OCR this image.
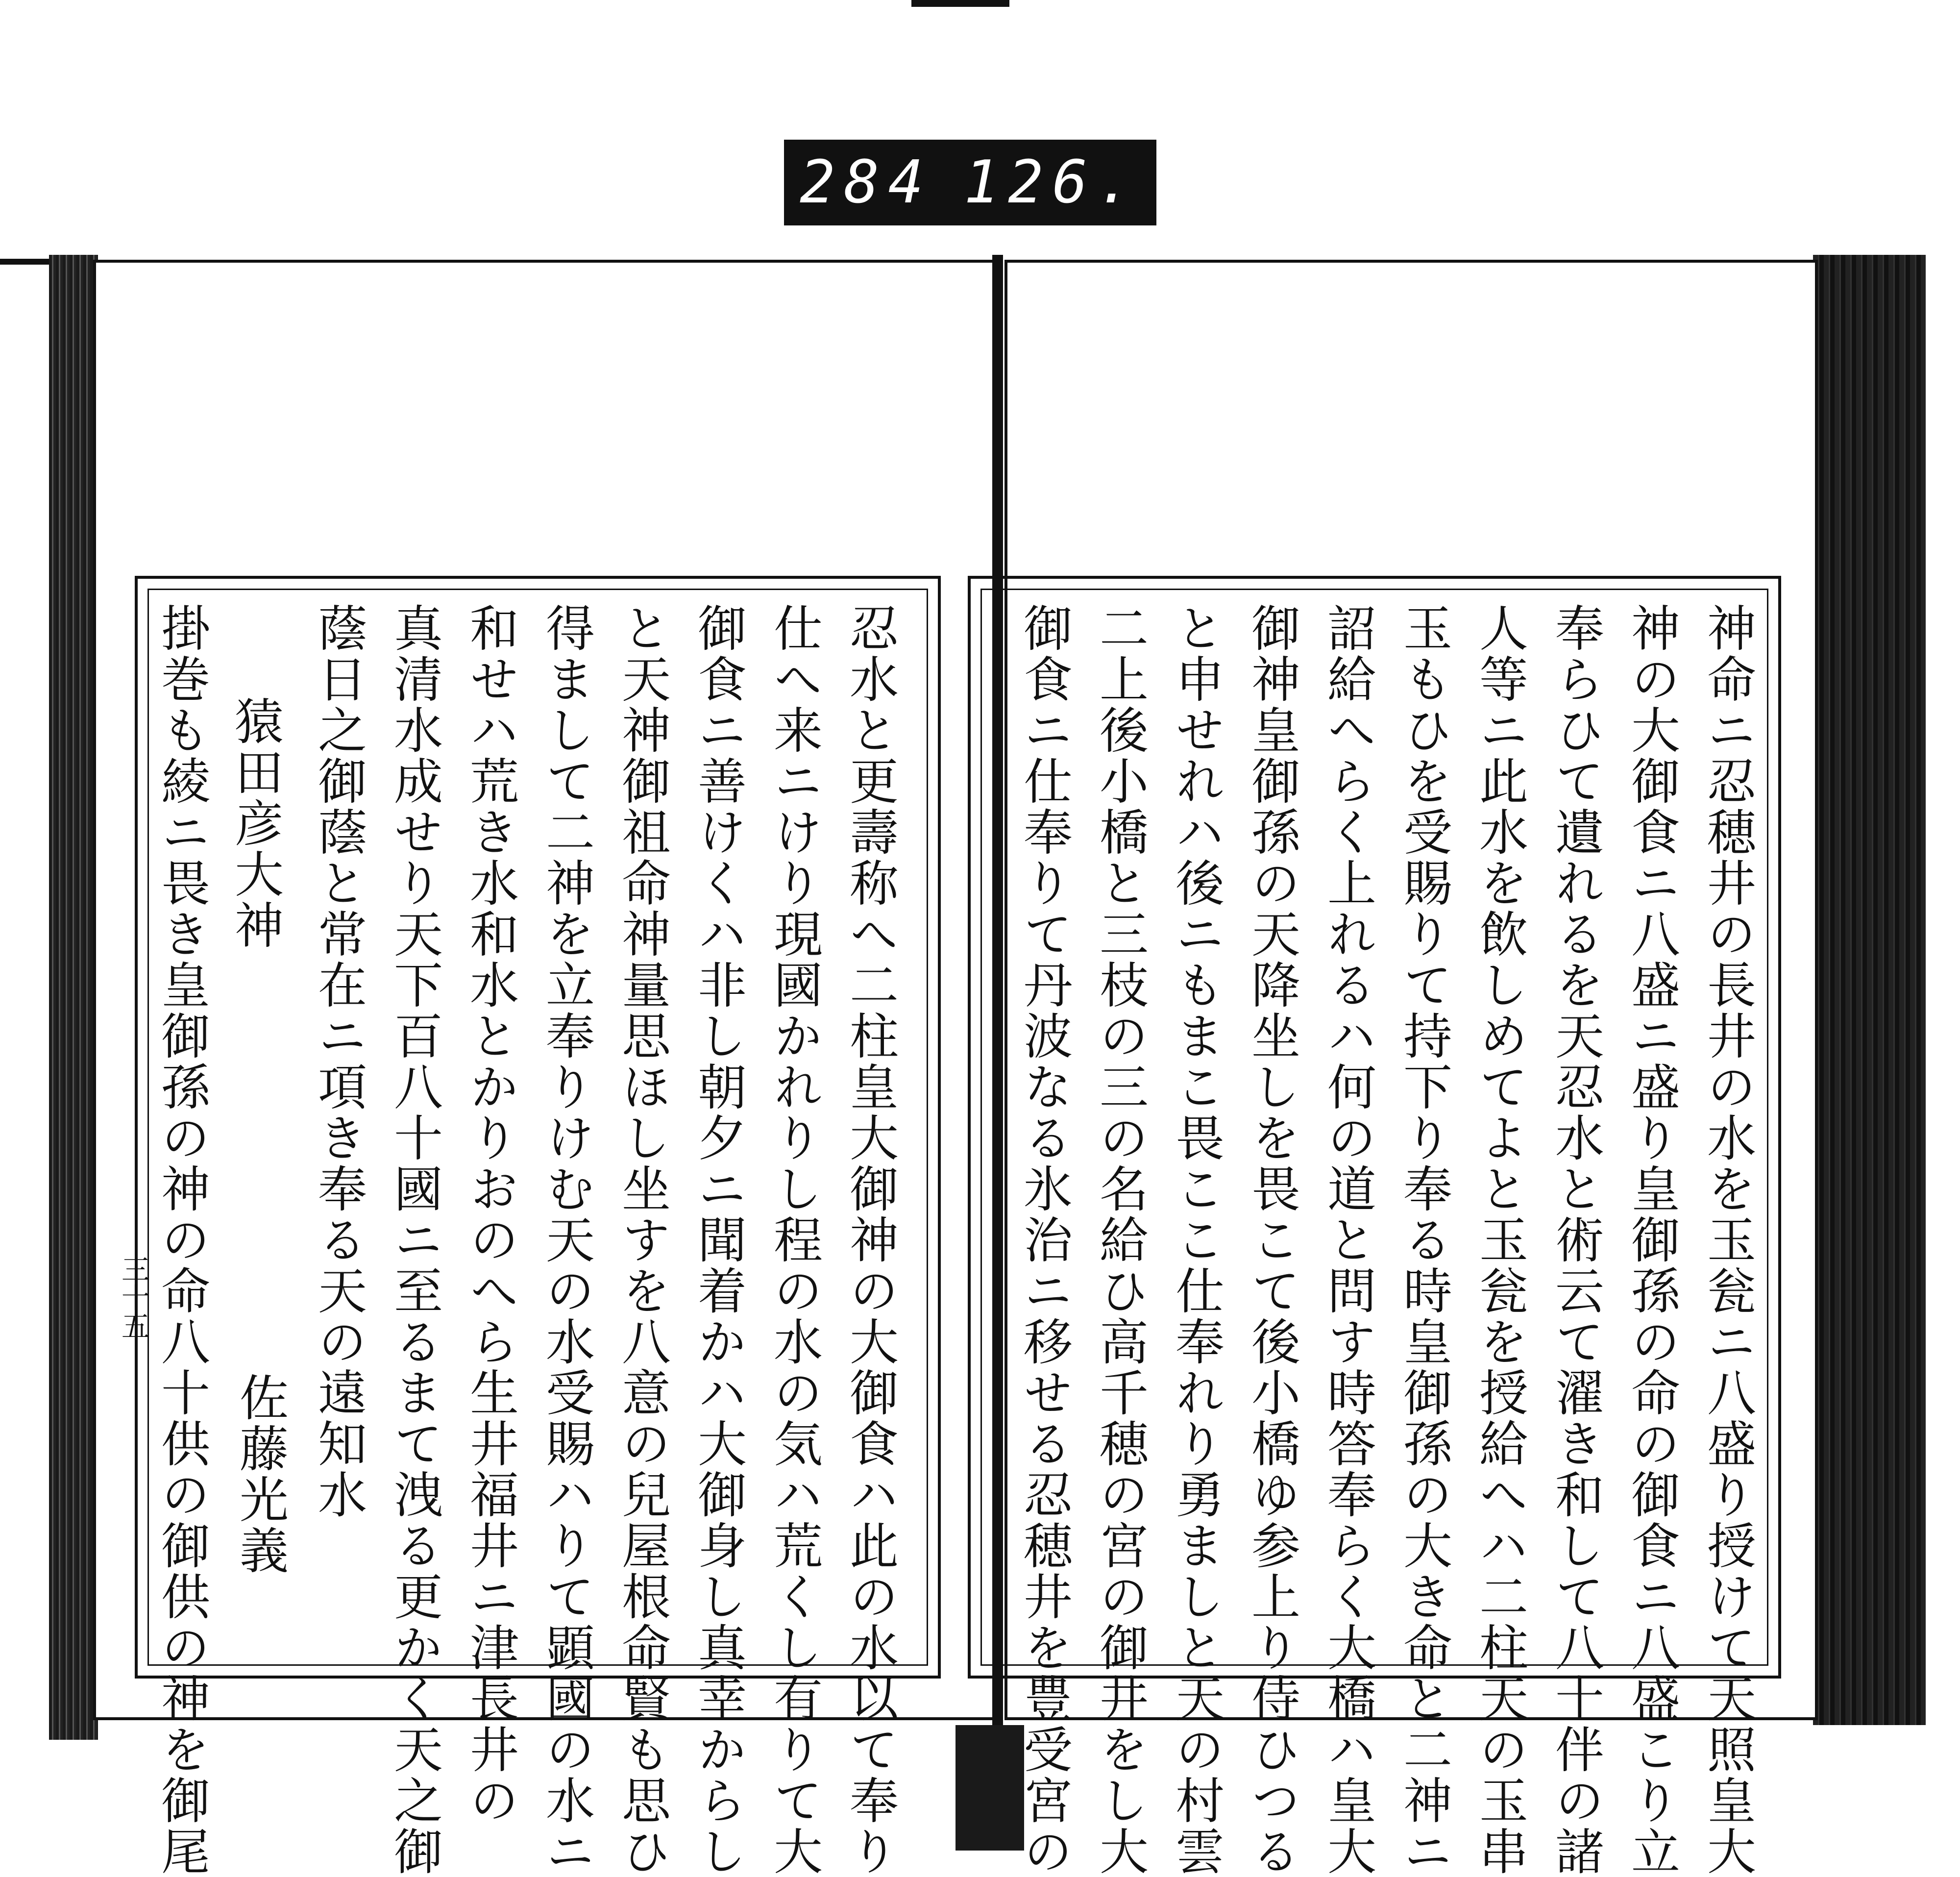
284 126.
神命ニ忍穂井の長井の水を玉瓮ニ八盛り授けて天照皇大
神の大御食ニ八盛ニ盛り皇御孫の命の御食ニ八盛こり立
奉らひて遺れるを天忍水と術云て濯き和して八十伴の諸
人等ニ此水を飲しめてよと玉瓮を授給へハ二柱天の玉串
玉もひを受賜りて持下り奉る時皇御孫の大き命と二神ニ
詔給へらく上れるハ何の道と問す時答奉らく大橋ハ皇大
御神皇御孫の天降坐しを畏こて後小橋ゆ参上り侍ひつる
と申せれハ後ニもまこ畏ここ仕奉れり勇ましと天の村雲
二上後小橋と三枝の三の名給ひ高千穂の宮の御井をし大
御食ニ仕奉りて丹波なる氷治ニ移せる忍穂井を豊受宮の
忍水と更壽称へ二柱皇大御神の大御食ハ此の水以て奉り
仕へ来ニけり現國かれりし程の水の気ハ荒くし有りて大
御食ニ善けくハ非し朝夕ニ聞着かハ大御身し真幸からし
と天神御祖命神量思ほし坐すを八意の兒屋根命賢も思ひ
得まして二神を立奉りけむ天の水受賜ハりて顕國の水ニ
和せハ荒き水和水とかりおのへら生井福井ニ津長井の
真清水成せり天下百八十國ニ至るまて洩る更かく天之御
蔭日之御蔭と常在ニ項き奉る天の遠知水
猿田彦大神
佐藤光義
掛巻も綾ニ畏き皇御孫の神の命八十供の御供の神を御尾
三十五
